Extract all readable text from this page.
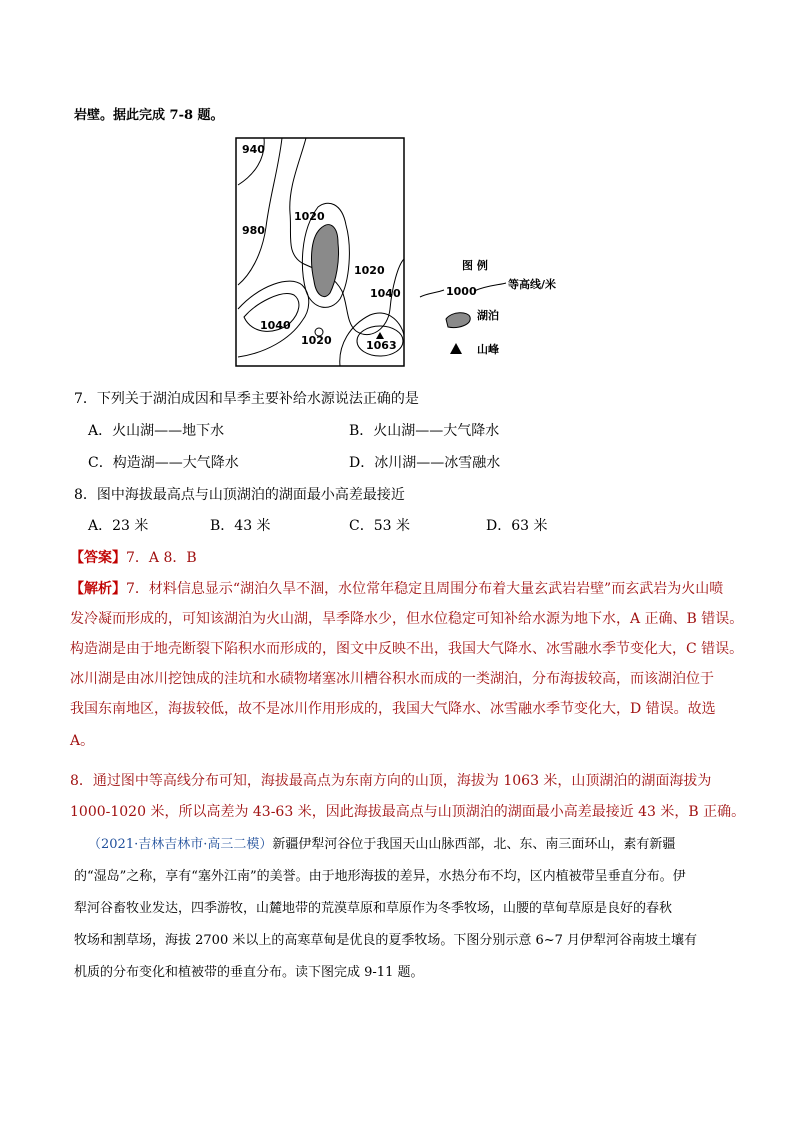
岩壁。据此完成 7-8 题。
940
980
1020
1020
1040
1040
1020	1063
图 例
1000
等高线/米
湖泊
山峰
7．下列关于湖泊成因和旱季主要补给水源说法正确的是
A．火山湖——地下水	B．火山湖——大气降水
C．构造湖——大气降水	D．冰川湖——冰雪融水
8．图中海拔最高点与山顶湖泊的湖面最小高差最接近
A．23 米	B．43 米	C．53 米	D．63 米
【答案】7．A 8．B
【解析】7．材料信息显示“湖泊久旱不涸，水位常年稳定且周围分布着大量玄武岩岩壁”而玄武岩为火山喷
发冷凝而形成的，可知该湖泊为火山湖，旱季降水少，但水位稳定可知补给水源为地下水，A 正确、B 错误。
构造湖是由于地壳断裂下陷积水而形成的，图文中反映不出，我国大气降水、冰雪融水季节变化大，C 错误。
冰川湖是由冰川挖蚀成的洼坑和水碛物堵塞冰川槽谷积水而成的一类湖泊，分布海拔较高，而该湖泊位于
我国东南地区，海拔较低，故不是冰川作用形成的，我国大气降水、冰雪融水季节变化大，D 错误。故选
A。
8．通过图中等高线分布可知，海拔最高点为东南方向的山顶，海拔为 1063 米，山顶湖泊的湖面海拔为
1000-1020 米，所以高差为 43-63 米，因此海拔最高点与山顶湖泊的湖面最小高差最接近 43 米，B 正确。
（2021·吉林吉林市·高三二模）新疆伊犁河谷位于我国天山山脉西部，北、东、南三面环山，素有新疆
的“湿岛”之称，享有“塞外江南”的美誉。由于地形海拔的差异，水热分布不均，区内植被带呈垂直分布。伊
犁河谷畜牧业发达，四季游牧，山麓地带的荒漠草原和草原作为冬季牧场，山腰的草甸草原是良好的春秋
牧场和割草场，海拔 2700 米以上的高寒草甸是优良的夏季牧场。下图分别示意 6~7 月伊犁河谷南坡土壤有
机质的分布变化和植被带的垂直分布。读下图完成 9-11 题。
